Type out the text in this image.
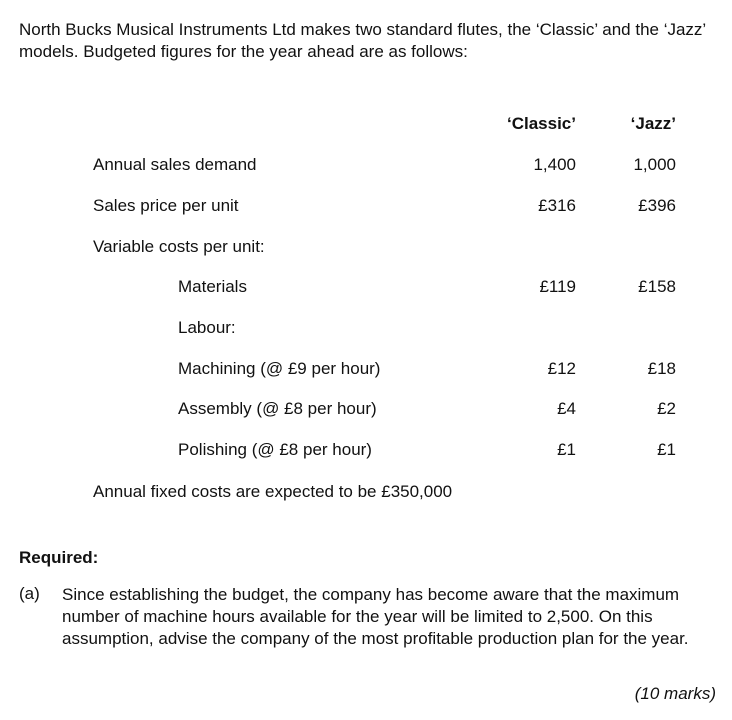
North Bucks Musical Instruments Ltd makes two standard flutes, the ‘Classic’ and the ‘Jazz’ models. Budgeted figures for the year ahead are as follows:
‘Classic’	‘Jazz’
Annual sales demand	1,400	1,000
Sales price per unit	£316	£396
Variable costs per unit:
Materials	£119	£158
Labour:
Machining (@ £9 per hour)	£12	£18
Assembly (@ £8 per hour)	£4	£2
Polishing (@ £8 per hour)	£1	£1
Annual fixed costs are expected to be £350,000
Required:
(a) Since establishing the budget, the company has become aware that the maximum number of machine hours available for the year will be limited to 2,500. On this assumption, advise the company of the most profitable production plan for the year.
(10 marks)
